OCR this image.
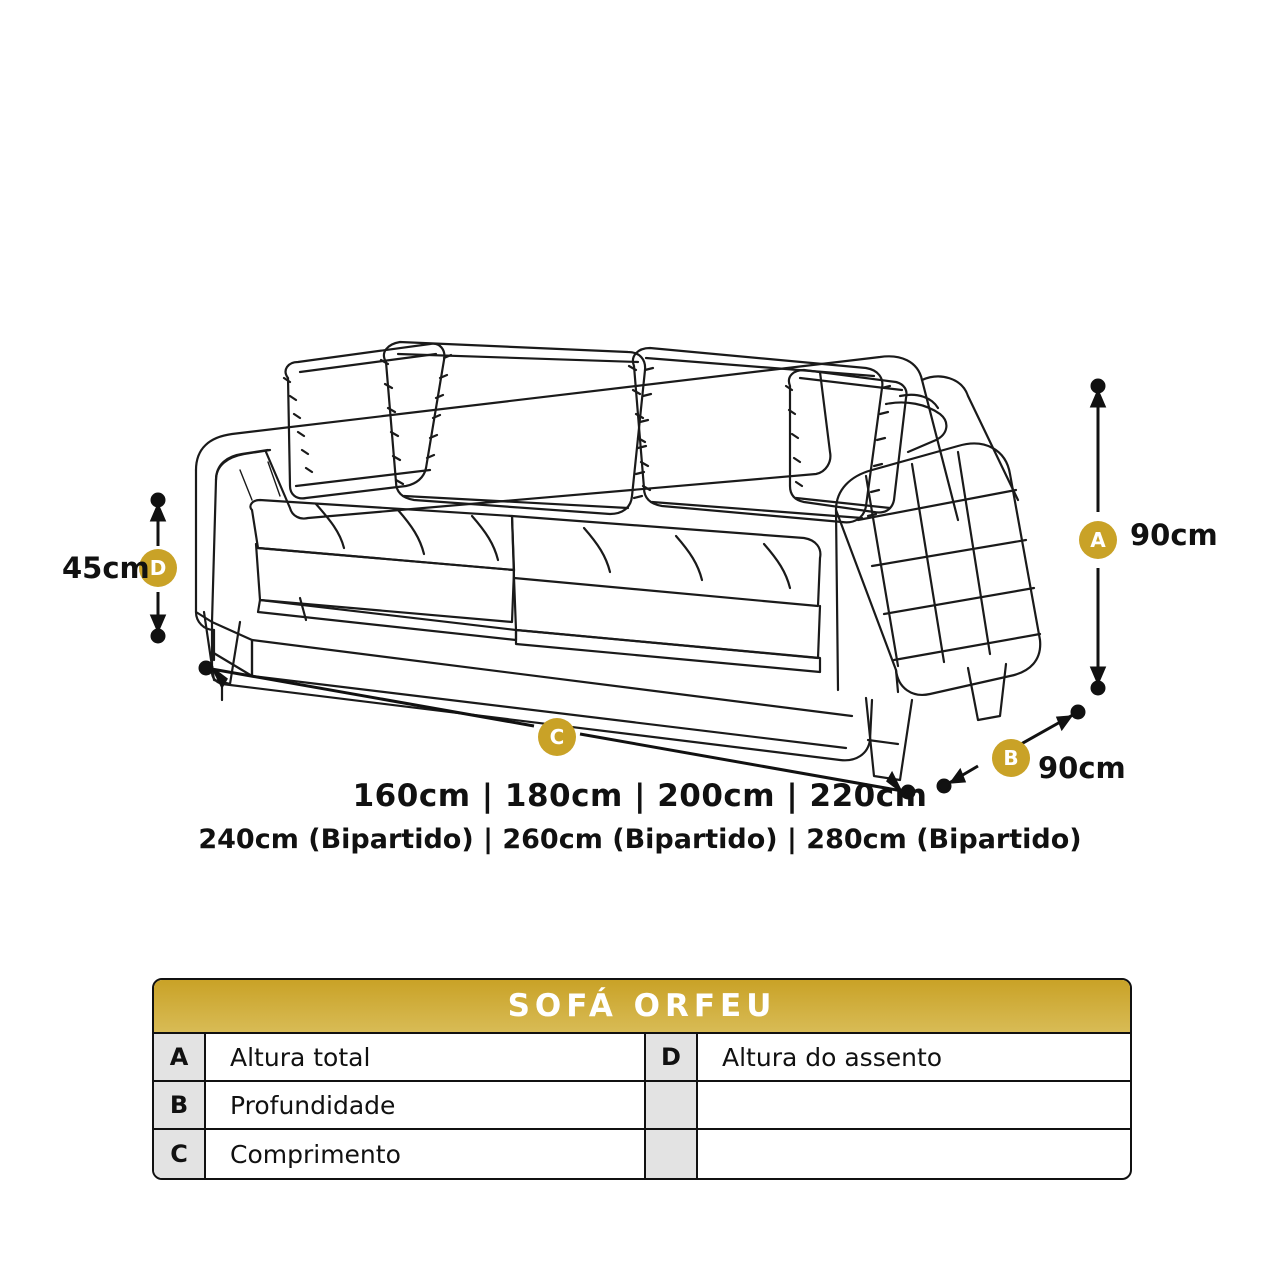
A 90cm
B 90cm
D
45cm
C
160cm | 180cm | 200cm | 220cm
240cm (Bipartido) | 260cm (Bipartido) | 280cm (Bipartido)
SOFÁ ORFEU
A	Altura total	D	Altura do assento
B	Profundidade
C	Comprimento
